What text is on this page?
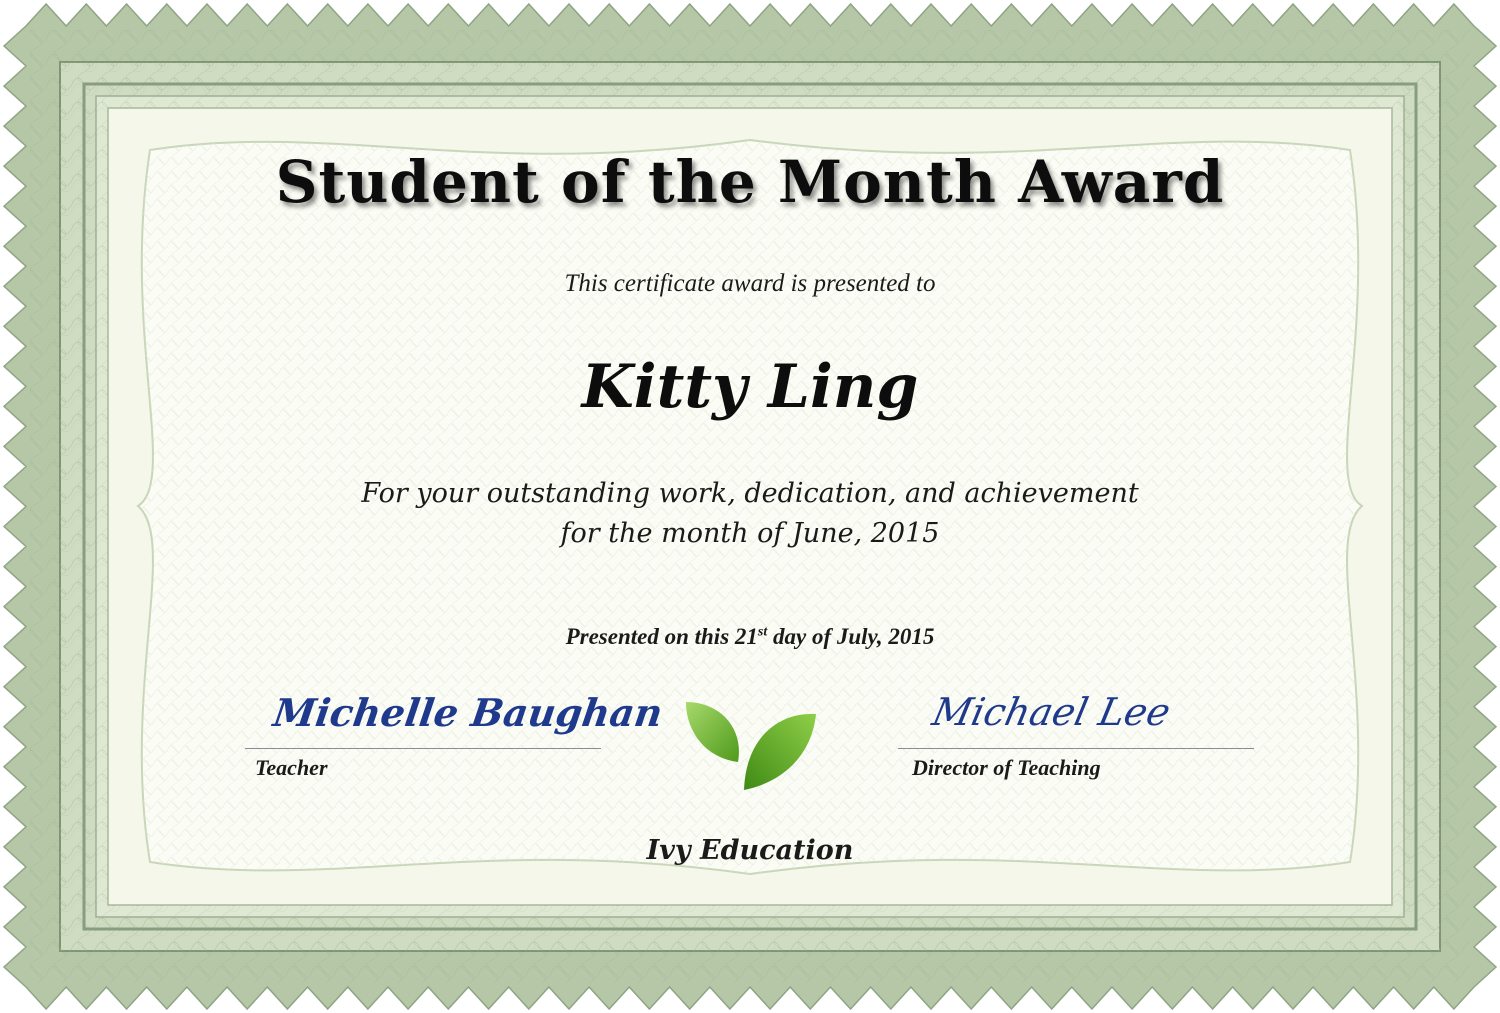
Student of the Month Award
This certificate award is presented to
Kitty Ling
For your outstanding work, dedication, and achievement
for the month of June, 2015
Presented on this 21st day of July, 2015
Michelle Baughan
Teacher
Michael Lee
Director of Teaching
Ivy Education
